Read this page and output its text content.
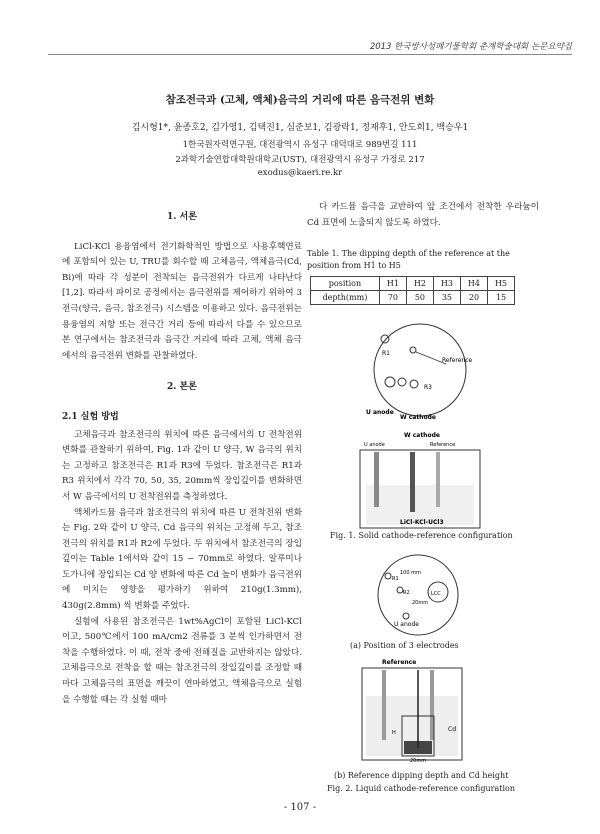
2013 한국방사성폐기물학회 춘계학술대회 논문요약집
참조전극과 (고체, 액체)음극의 거리에 따른 음극전위 변화
김시형1*, 윤종호2, 김가영1, 김택진1, 심준보1, 김광락1, 정재후1, 안도희1, 백승우1
1한국원자력연구원, 대전광역시 유성구 대덕대로 989번길 111
2과학기술연합대학원대학교(UST), 대전광역시 유성구 가정로 217
exodus@kaeri.re.kr
1. 서론

LiCl-KCl 용융염에서 전기화학적인 방법으로 사용후핵연료에 포함되어 있는 U, TRU를 회수할 때 고체음극, 액체음극(Cd, Bi)에 따라 각 성분이 전착되는 음극전위가 다르게 나타난다[1,2]. 따라서 파이로 공정에서는 음극전위를 제어하기 위하여 3 전극(양극, 음극, 참조전극) 시스템을 이용하고 있다. 음극전위는 용융염의 저항 또는 전극간 거리 등에 따라서 다를 수 있으므로 본 연구에서는 참조전극과 음극간 거리에 따라 고체, 액체 음극에서의 음극전위 변화를 관찰하였다.

2. 본론
2.1 실험 방법

고체음극과 참조전극의 위치에 따른 음극에서의 U 전착전위 변화를 관찰하기 위하여, Fig. 1과 같이 U 양극, W 음극의 위치는 고정하고 참조전극은 R1과 R3에 두었다. 참조전극은 R1과 R3 위치에서 각각 70, 50, 35, 20mm씩 장입깊이를 변화하면서 W 음극에서의 U 전착전위를 측정하였다.

액체카드뮴 음극과 참조전극의 위치에 따른 U 전착전위 변화는 Fig. 2와 같이 U 양극, Cd 음극의 위치는 고정해 두고, 참조전극의 위치를 R1과 R2에 두었다. 두 위치에서 참조전극의 장입깊이는 Table 1에서와 같이 15 ~ 70mm로 하였다. 알루미나 도가니에 장입되는 Cd 양 변화에 따른 Cd 높이 변화가 음극전위에 미치는 영향을 평가하기 위하여 210g(1.3mm), 430g(2.8mm) 씩 변화를 주었다.

실험에 사용된 참조전극은 1wt%AgCl이 포함된 LiCl-KCl 이고, 500℃에서 100 mA/cm2 전류를 3 분씩 인가하면서 전착을 수행하였다. 이 때, 전착 중에 전해질을 교반하지는 않았다. 고체음극으로 전착을 할 때는 참조전극의 장입깊이를 조정할 때마다 고체음극의 표면을 깨끗이 연마하였고, 액체음극으로 실험을 수행할 때는 각 실험 때마

다 카드뮴 음극을 교반하여 앞 조건에서 전착한 우라늄이 Cd 표면에 노출되지 않도록 하였다.

Table 1. The dipping depth of the reference at the position from H1 to H5
position	H1	H2	H3	H4	H5
depth(mm)	70	50	35	20	15
R1
Reference
R3
U anode
W cathode
W cathode
U anode	Reference
LiCl-KCl-UCl3
Fig. 1. Solid cathode-reference configuration
R1
100 mm
R2	LCC
20mm
U anode
(a) Position of 3 electrodes
Reference
Cd
H
20mm
(b) Reference dipping depth and Cd height
Fig. 2. Liquid cathode-reference configuration
- 107 -
